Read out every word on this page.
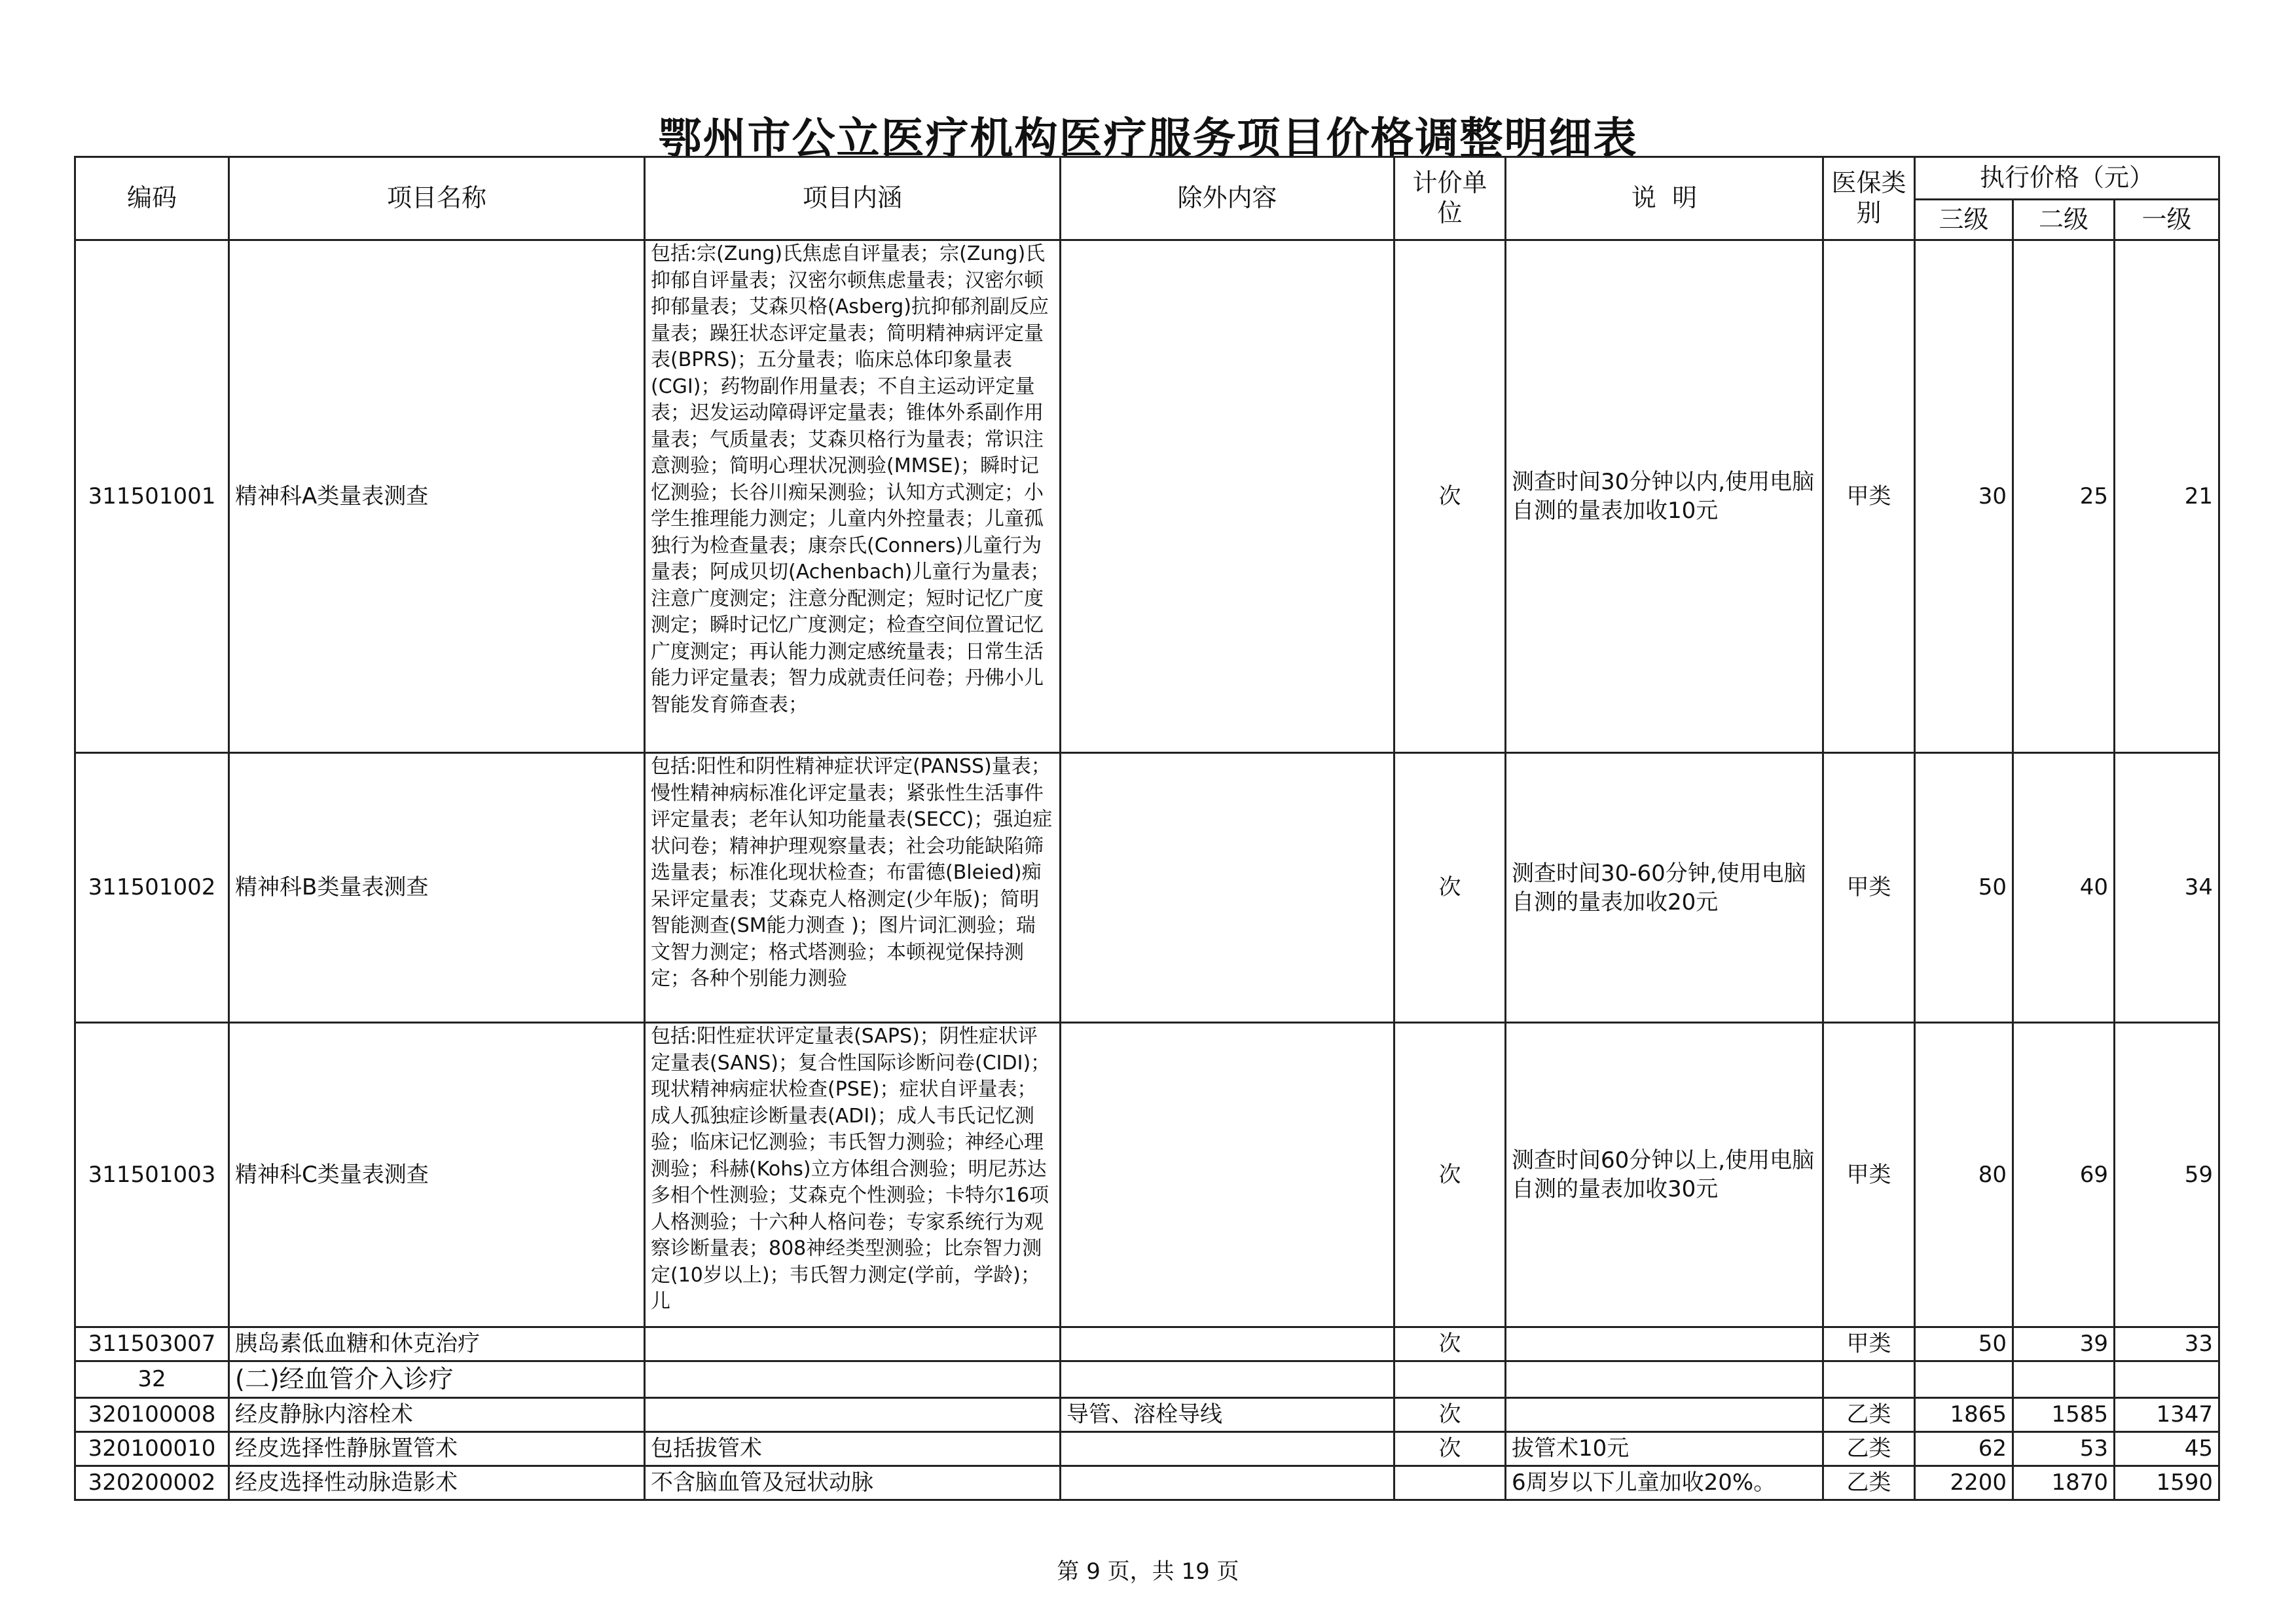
鄂州市公立医疗机构医疗服务项目价格调整明细表
编码	项目名称	项目内涵	除外内容	计价单位	说  明	医保类别	执行价格（元）		
							三级	二级	一级
311501001	精神科A类量表测查	包括:宗(Zung)氏焦虑自评量表；宗(Zung)氏抑郁自评量表；汉密尔顿焦虑量表；汉密尔顿抑郁量表；艾森贝格(Asberg)抗抑郁剂副反应量表；躁狂状态评定量表；简明精神病评定量表(BPRS)；五分量表；临床总体印象量表(CGI)；药物副作用量表；不自主运动评定量表；迟发运动障碍评定量表；锥体外系副作用量表；气质量表；艾森贝格行为量表；常识注意测验；简明心理状况测验(MMSE)；瞬时记忆测验；长谷川痴呆测验；认知方式测定；小学生推理能力测定；儿童内外控量表；儿童孤独行为检查量表；康奈氏(Conners)儿童行为量表；阿成贝切(Achenbach)儿童行为量表；注意广度测定；注意分配测定；短时记忆广度测定；瞬时记忆广度测定；检查空间位置记忆广度测定；再认能力测定感统量表；日常生活能力评定量表；智力成就责任问卷；丹佛小儿智能发育筛查表；		次	测查时间30分钟以内,使用电脑自测的量表加收10元	甲类	30	25	21
311501002	精神科B类量表测查	包括:阳性和阴性精神症状评定(PANSS)量表；慢性精神病标准化评定量表；紧张性生活事件评定量表；老年认知功能量表(SECC)；强迫症状问卷；精神护理观察量表；社会功能缺陷筛选量表；标准化现状检查；布雷德(Bleied)痴呆评定量表；艾森克人格测定(少年版)；简明智能测查(SM能力测查 )；图片词汇测验；瑞文智力测定；格式塔测验；本顿视觉保持测定；各种个别能力测验		次	测查时间30-60分钟,使用电脑自测的量表加收20元	甲类	50	40	34
311501003	精神科C类量表测查	包括:阳性症状评定量表(SAPS)；阴性症状评定量表(SANS)；复合性国际诊断问卷(CIDI)；现状精神病症状检查(PSE)；症状自评量表；成人孤独症诊断量表(ADI)；成人韦氏记忆测验；临床记忆测验；韦氏智力测验；神经心理测验；科赫(Kohs)立方体组合测验；明尼苏达多相个性测验；艾森克个性测验；卡特尔16项人格测验；十六种人格问卷；专家系统行为观察诊断量表；808神经类型测验；比奈智力测定(10岁以上)；韦氏智力测定(学前，学龄)；儿		次	测查时间60分钟以上,使用电脑自测的量表加收30元	甲类	80	69	59
311503007	胰岛素低血糖和休克治疗			次		甲类	50	39	33
32	(二)经血管介入诊疗								
320100008	经皮静脉内溶栓术		导管、溶栓导线	次		乙类	1865	1585	1347
320100010	经皮选择性静脉置管术	包括拔管术		次	拔管术10元	乙类	62	53	45
320200002	经皮选择性动脉造影术	不含脑血管及冠状动脉			6周岁以下儿童加收20%。	乙类	2200	1870	1590
第 9 页，共 19 页
